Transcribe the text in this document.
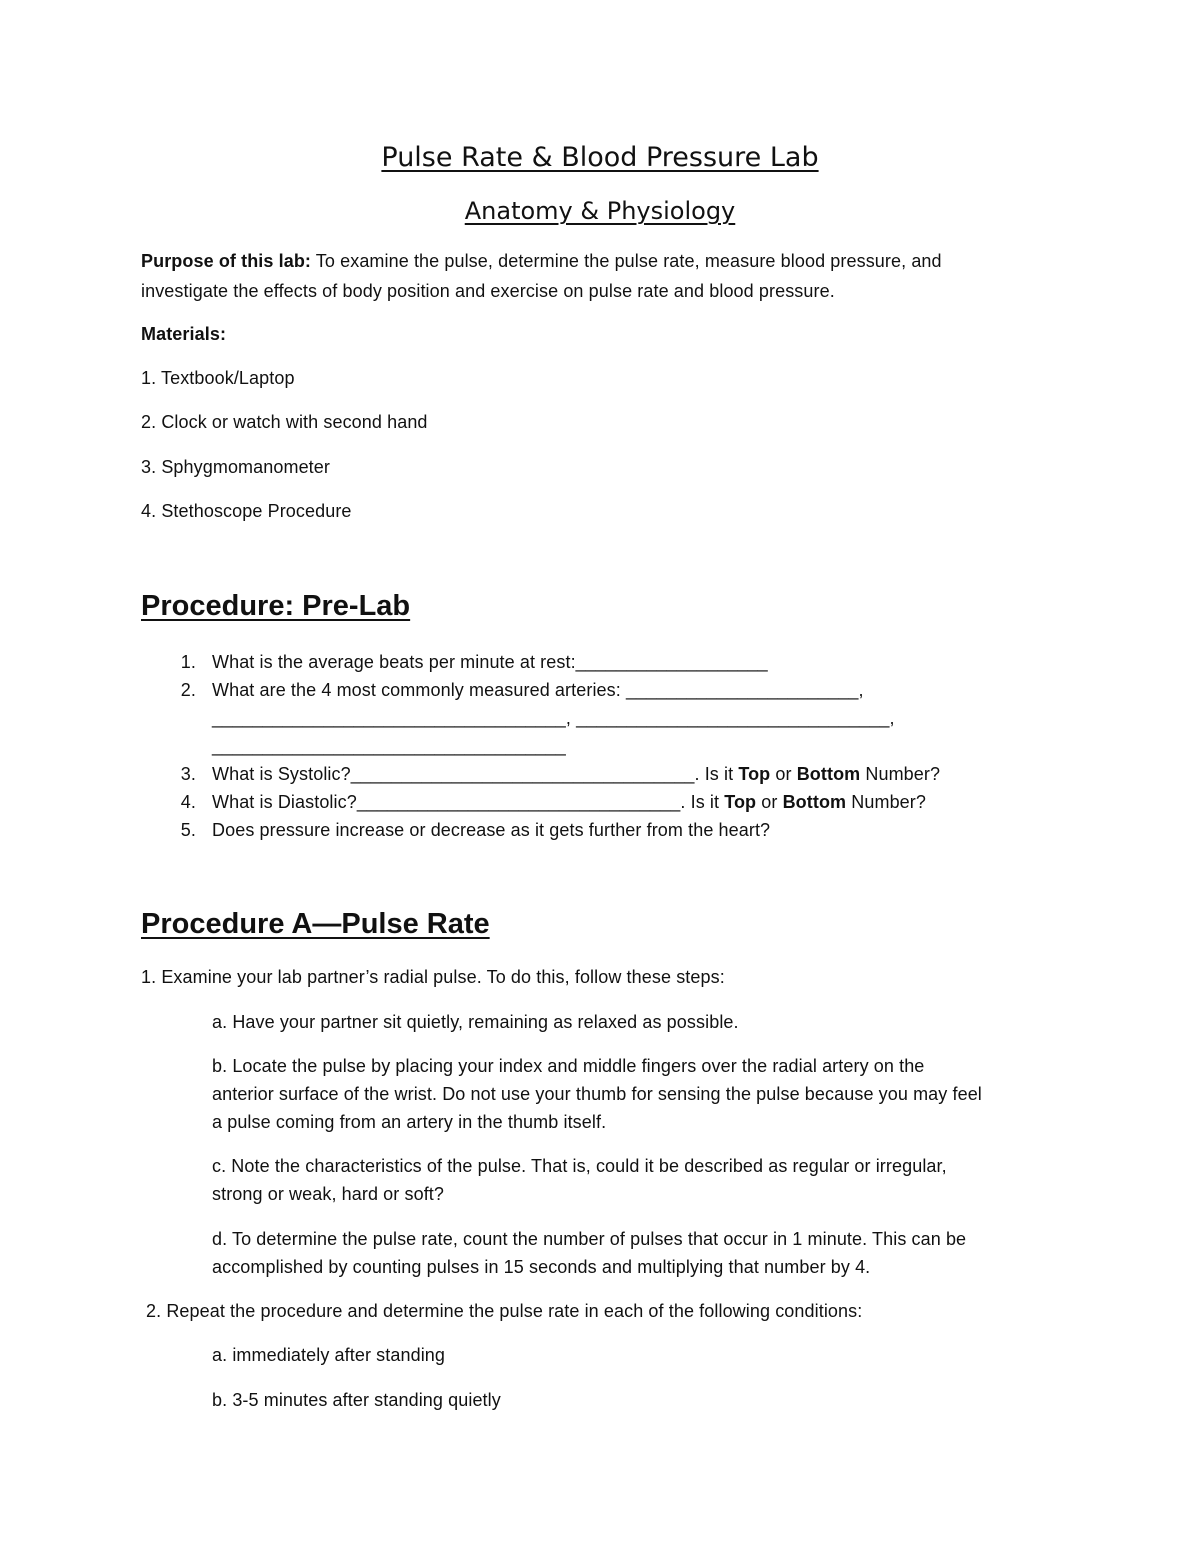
Pulse Rate & Blood Pressure Lab
Anatomy & Physiology
Purpose of this lab: To examine the pulse, determine the pulse rate, measure blood pressure, and
investigate the effects of body position and exercise on pulse rate and blood pressure.
Materials:
1. Textbook/Laptop
2. Clock or watch with second hand
3. Sphygmomanometer
4. Stethoscope Procedure
Procedure: Pre-Lab
1. What is the average beats per minute at rest:___________________
2. What are the 4 most commonly measured arteries: _______________________,
___________________________________, _______________________________,
___________________________________
3. What is Systolic?__________________________________. Is it Top or Bottom Number?
4. What is Diastolic?________________________________. Is it Top or Bottom Number?
5. Does pressure increase or decrease as it gets further from the heart?
Procedure A—Pulse Rate
1. Examine your lab partner’s radial pulse. To do this, follow these steps:
a. Have your partner sit quietly, remaining as relaxed as possible.
b. Locate the pulse by placing your index and middle fingers over the radial artery on the
anterior surface of the wrist. Do not use your thumb for sensing the pulse because you may feel
a pulse coming from an artery in the thumb itself.
c. Note the characteristics of the pulse. That is, could it be described as regular or irregular,
strong or weak, hard or soft?
d. To determine the pulse rate, count the number of pulses that occur in 1 minute. This can be
accomplished by counting pulses in 15 seconds and multiplying that number by 4.
2. Repeat the procedure and determine the pulse rate in each of the following conditions:
a. immediately after standing
b. 3-5 minutes after standing quietly
